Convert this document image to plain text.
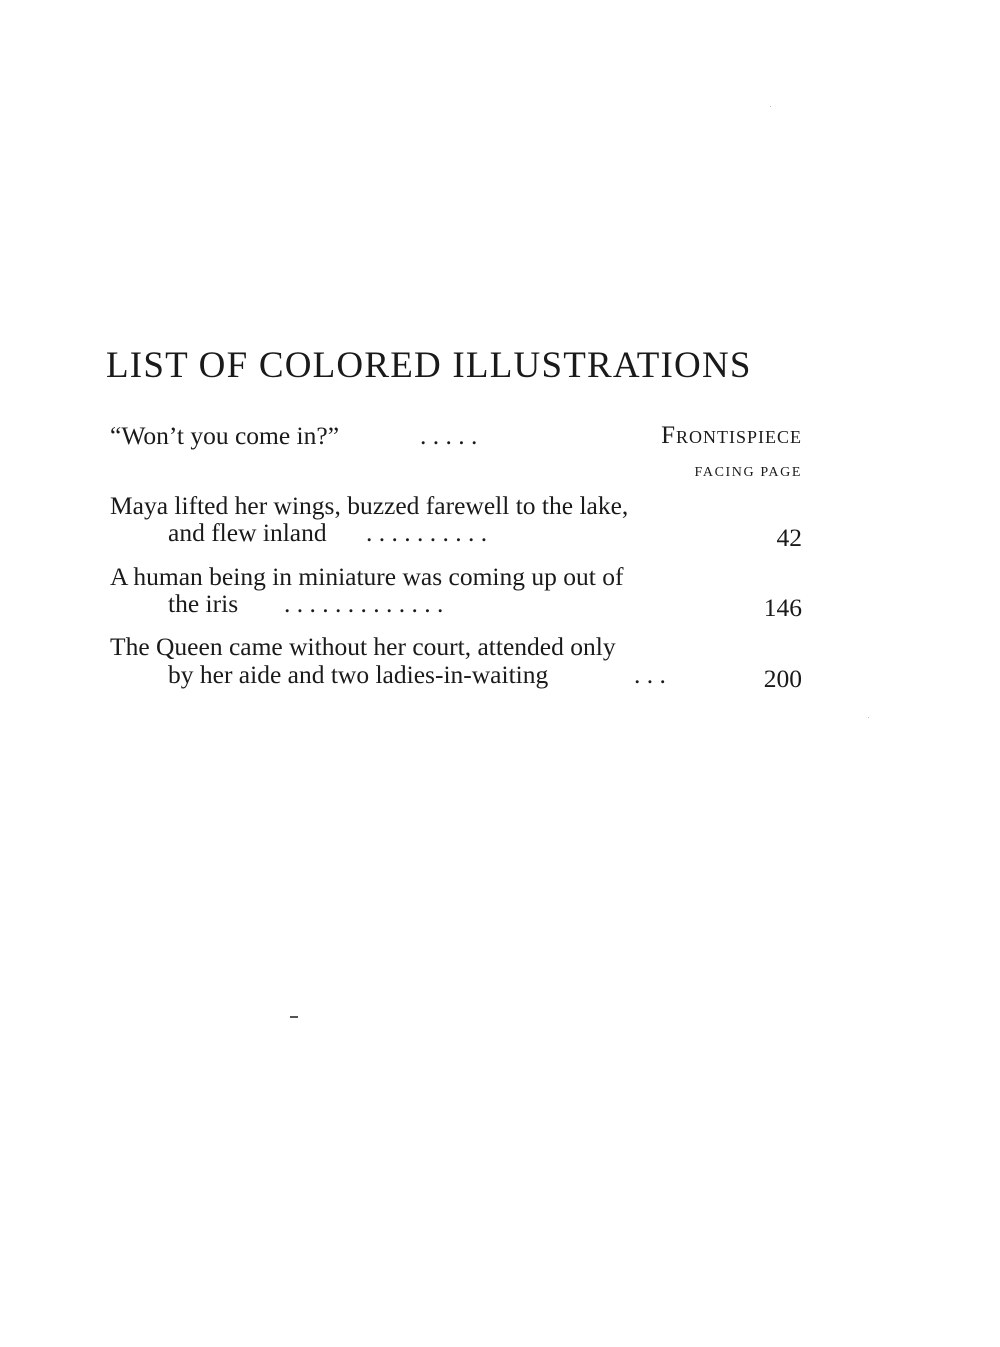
LIST OF COLORED ILLUSTRATIONS
“Won’t you come in?”	. . . . .	Frontispiece
FACING PAGE
Maya lifted her wings, buzzed farewell to the lake,
and flew inland . . . . . . . . . .	42
A human being in miniature was coming up out of
the iris . . . . . . . . . . . . .	146
The Queen came without her court, attended only
by her aide and two ladies-in-waiting	. . .	200
